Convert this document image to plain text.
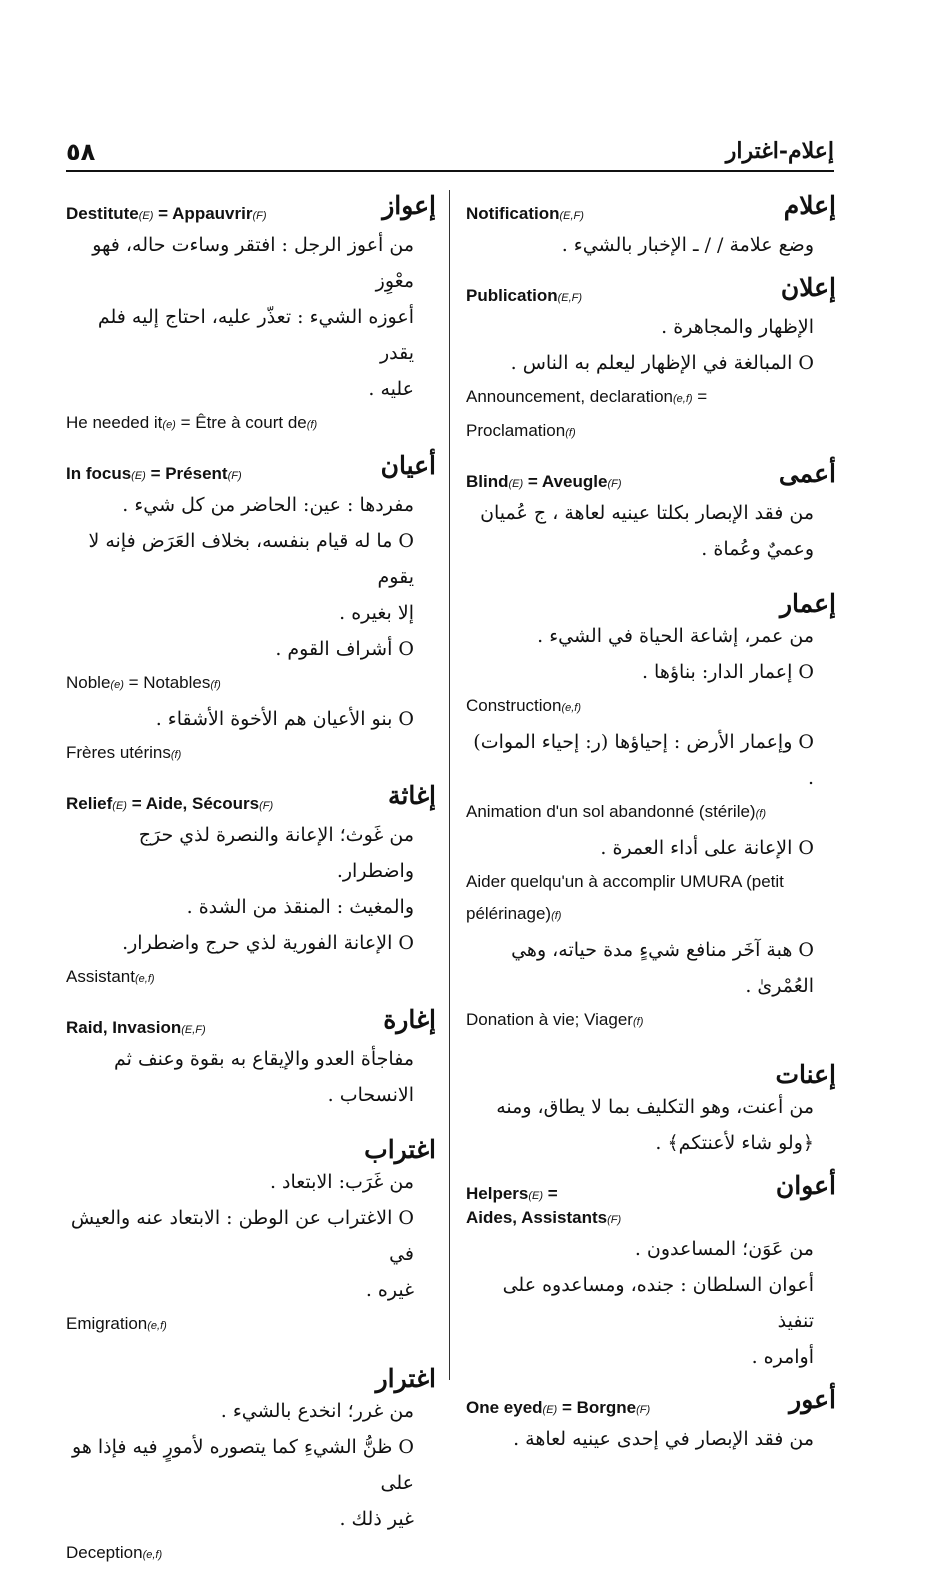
٥٨	إعلام-اغترار
إعلام
Notification(E,F)
وضع علامة / / ـ الإخبار بالشيء .
إعلان
Publication(E,F)
الإظهار والمجاهرة .
O المبالغة في الإظهار ليعلم به الناس .
Announcement, declaration(e,f) =
Proclamation(f)
أعمى
Blind(E) = Aveugle(F)
من فقد الإبصار بكلتا عينيه لعاهة ، ج عُميان
وعميٌ وعُماة .
إعمار
من عمر، إشاعة الحياة في الشيء .
O إعمار الدار: بناؤها .
Construction(e,f)
O وإعمار الأرض : إحياؤها (ر: إحياء الموات) .
Animation d'un sol abandonné (stérile)(f)
O الإعانة على أداء العمرة .
Aider quelqu'un à accomplir UMURA (petit
pélérinage)(f)
O هبة آخَر منافع شيءٍ مدة حياته، وهي
العُمْرىٰ .
Donation à vie; Viager(f)
إعنات
من أعنت، وهو التكليف بما لا يطاق، ومنه
﴿ولو شاء لأعنتكم﴾ .
أعوان
Helpers(E) =
Aides, Assistants(F)
من عَوَن؛ المساعدون .
أعوان السلطان : جنده، ومساعدوه على تنفيذ
أوامره .
أعور
One eyed(E) = Borgne(F)
من فقد الإبصار في إحدى عينيه لعاهة .
إعواز
Destitute(E) = Appauvrir(F)
من أعوز الرجل : افتقر وساءت حاله، فهو معْوِز
أعوزه الشيء : تعذّر عليه، احتاج إليه فلم يقدر
عليه .
He needed it(e) = Être à court de(f)
أعيان
In focus(E) = Présent(F)
مفردها : عين: الحاضر من كل شيء .
O ما له قيام بنفسه، بخلاف العَرَض فإنه لا يقوم
إلا بغيره .
O أشراف القوم .
Noble(e) = Notables(f)
O بنو الأعيان هم الأخوة الأشقاء .
Frères utérins(f)
إغاثة
Relief(E) = Aide, Sécours(F)
من غَوث؛ الإعانة والنصرة لذي حرَج واضطرار.
والمغيث : المنقذ من الشدة .
O الإعانة الفورية لذي حرج واضطرار.
Assistant(e,f)
إغارة
Raid, Invasion(E,F)
مفاجأة العدو والإيقاع به بقوة وعنف ثم
الانسحاب .
اغتراب
من غَرَب: الابتعاد .
O الاغتراب عن الوطن : الابتعاد عنه والعيش في
غيره .
Emigration(e,f)
اغترار
من غرر؛ انخدع بالشيء .
O ظنُّ الشيءِ كما يتصوره لأمورٍ فيه فإذا هو على
غير ذلك .
Deception(e,f)
